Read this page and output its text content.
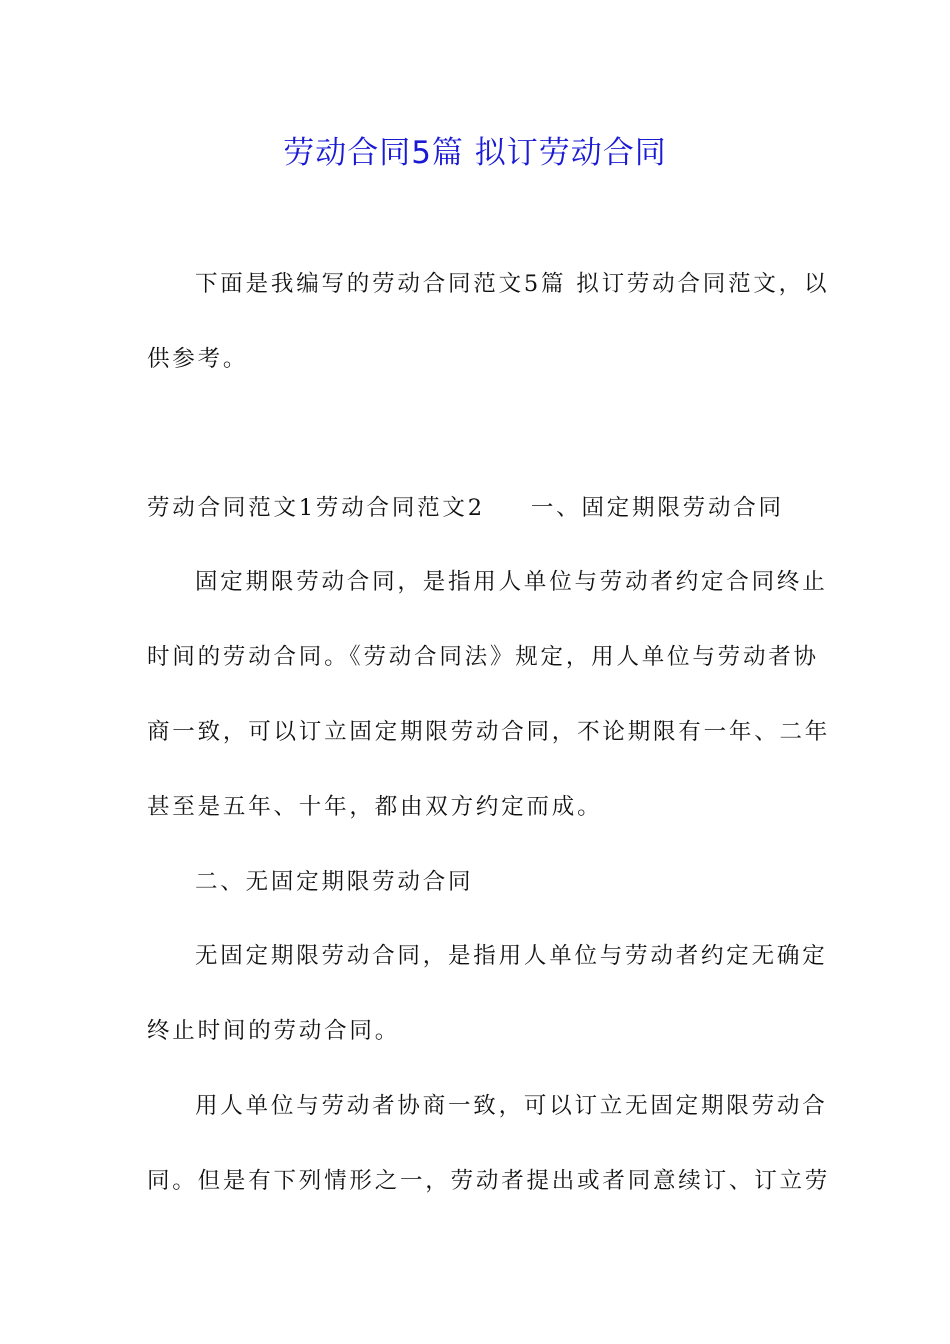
劳动合同5篇 拟订劳动合同
下面是我编写的劳动合同范文5篇 拟订劳动合同范文，以
供参考。
劳动合同范文1劳动合同范文2 一、固定期限劳动合同
固定期限劳动合同，是指用人单位与劳动者约定合同终止
时间的劳动合同。《劳动合同法》规定，用人单位与劳动者协
商一致，可以订立固定期限劳动合同，不论期限有一年、二年
甚至是五年、十年，都由双方约定而成。
二、无固定期限劳动合同
无固定期限劳动合同，是指用人单位与劳动者约定无确定
终止时间的劳动合同。
用人单位与劳动者协商一致，可以订立无固定期限劳动合
同。但是有下列情形之一，劳动者提出或者同意续订、订立劳
